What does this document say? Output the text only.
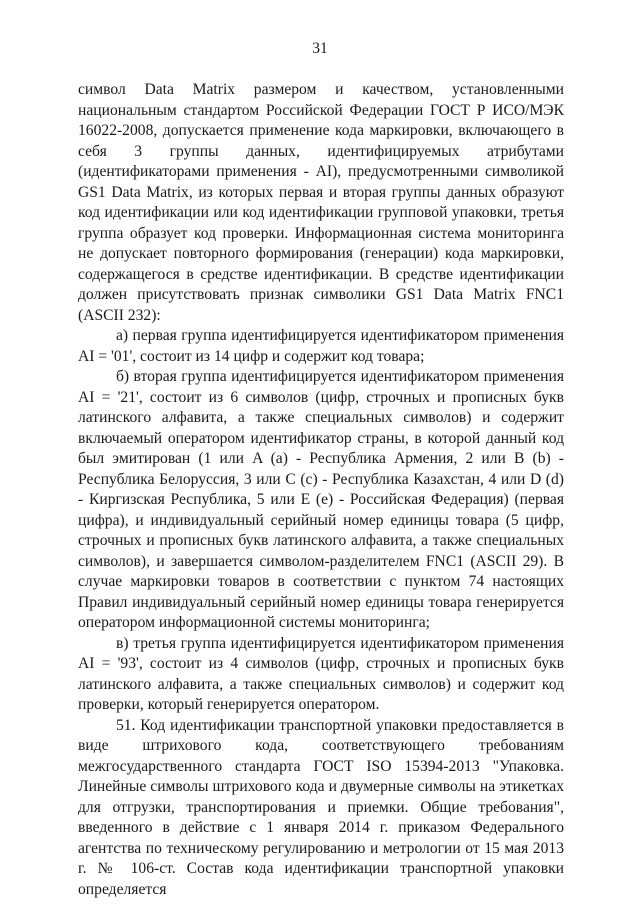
31

символ Data Matrix размером и качеством, установленными национальным стандартом Российской Федерации ГОСТ Р ИСО/МЭК 16022-2008, допускается применение кода маркировки, включающего в себя 3 группы данных, идентифицируемых атрибутами (идентификаторами применения - AI), предусмотренными символикой GS1 Data Matrix, из которых первая и вторая группы данных образуют код идентификации или код идентификации групповой упаковки, третья группа образует код проверки. Информационная система мониторинга не допускает повторного формирования (генерации) кода маркировки, содержащегося в средстве идентификации. В средстве идентификации должен присутствовать признак символики GS1 Data Matrix FNC1 (ASCII 232):

а) первая группа идентифицируется идентификатором применения AI = '01', состоит из 14 цифр и содержит код товара;

б) вторая группа идентифицируется идентификатором применения AI = '21', состоит из 6 символов (цифр, строчных и прописных букв латинского алфавита, а также специальных символов) и содержит включаемый оператором идентификатор страны, в которой данный код был эмитирован (1 или A (a) - Республика Армения, 2 или B (b) - Республика Белоруссия, 3 или C (c) - Республика Казахстан, 4 или D (d) - Киргизская Республика, 5 или E (e) - Российская Федерация) (первая цифра), и индивидуальный серийный номер единицы товара (5 цифр, строчных и прописных букв латинского алфавита, а также специальных символов), и завершается символом-разделителем FNC1 (ASCII 29). В случае маркировки товаров в соответствии с пунктом 74 настоящих Правил индивидуальный серийный номер единицы товара генерируется оператором информационной системы мониторинга;

в) третья группа идентифицируется идентификатором применения AI = '93', состоит из 4 символов (цифр, строчных и прописных букв латинского алфавита, а также специальных символов) и содержит код проверки, который генерируется оператором.

51. Код идентификации транспортной упаковки предоставляется в виде штрихового кода, соответствующего требованиям межгосударственного стандарта ГОСТ ISO 15394-2013 "Упаковка. Линейные символы штрихового кода и двумерные символы на этикетках для отгрузки, транспортирования и приемки. Общие требования", введенного в действие с 1 января 2014 г. приказом Федерального агентства по техническому регулированию и метрологии от 15 мая 2013 г. № 106-ст. Состав кода идентификации транспортной упаковки определяется
